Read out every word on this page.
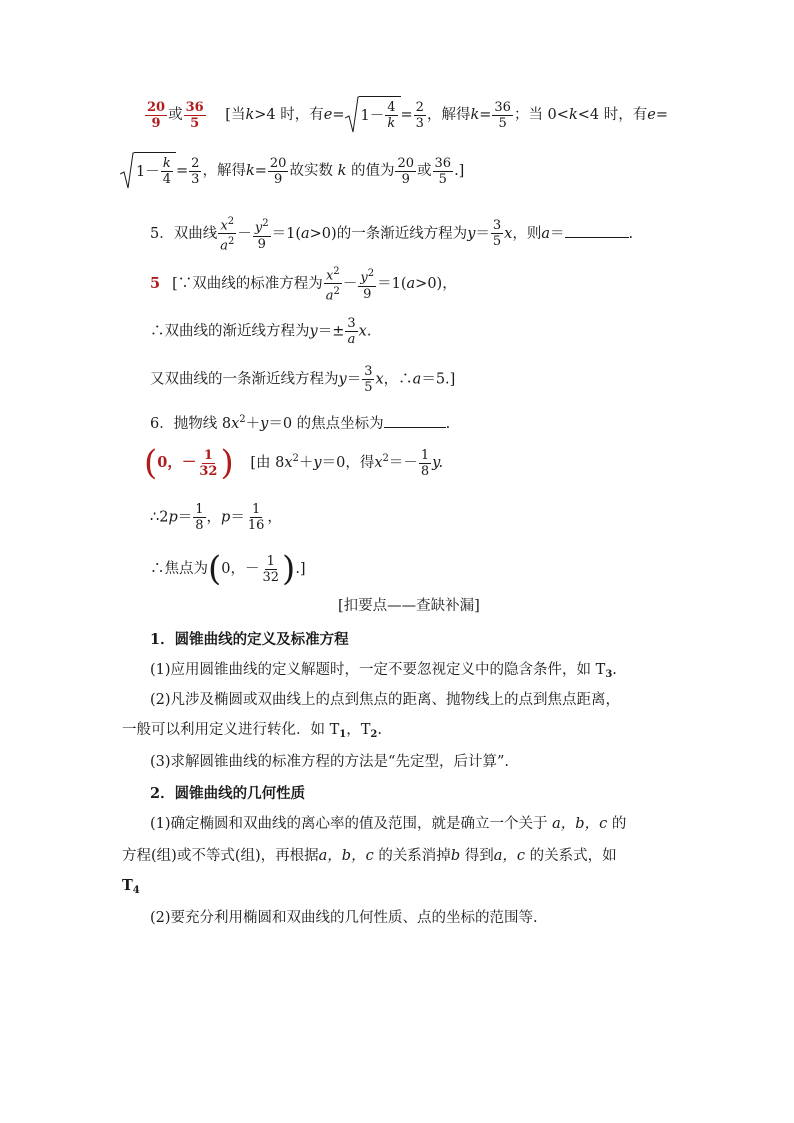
$\frac{20}{9}$ 或 $\frac{36}{5}$ [当k>4 时，有$e= 1- \frac{4}{k} = \frac{2}{3}$ ，解得$k= \frac{36}{5}$ ；当 0<k<4 时，有e=
$1- \frac{k}{4} = \frac{2}{3}$ ，解得$k= \frac{20}{9}$ 故实数 k 的值为 $\frac{20}{9}$ 或 $\frac{36}{5}$ .]
5．双曲线 $\frac{x^2}{a^2} - \frac{y^2}{9} =1(a>0)$的一条渐近线方程为$y= \frac{3}{5}$ x，则a＝	.
5 [∵双曲线的标准方程为 $\frac{x^2}{a^2} - \frac{y^2}{9} =1(a>0)$，
∴双曲线的渐近线方程为$y=\pm \frac{3}{a} x$.
又双曲线的一条渐近线方程为$y= \frac{3}{5}$ x，∴a＝5.]
6．抛物线 $8x^2+y=0$ 的焦点坐标为	.
(0，－ $\frac{1}{32}$ ) [由 $8x^2+y=0$，得$x^2=- \frac{1}{8} y$.
∴2p＝ $\frac{1}{8}$ ，$p= \frac{1}{16}$ ，
∴焦点为(0，－ $\frac{1}{32}$ ).]
[扣要点——查缺补漏]
1．圆锥曲线的定义及标准方程
(1)应用圆锥曲线的定义解题时，一定不要忽视定义中的隐含条件，如 $T_3$.
(2)凡涉及椭圆或双曲线上的点到焦点的距离、抛物线上的点到焦点距离，
一般可以利用定义进行转化．如 $T_1$，$T_2$.
(3)求解圆锥曲线的标准方程的方法是“先定型，后计算”.
2．圆锥曲线的几何性质
(1)确定椭圆和双曲线的离心率的值及范围，就是确立一个关于 a，b，c 的
方程(组)或不等式(组)，再根据a，b，c 的关系消掉b 得到a，c 的关系式，如
$T_4$
(2)要充分利用椭圆和双曲线的几何性质、点的坐标的范围等.
